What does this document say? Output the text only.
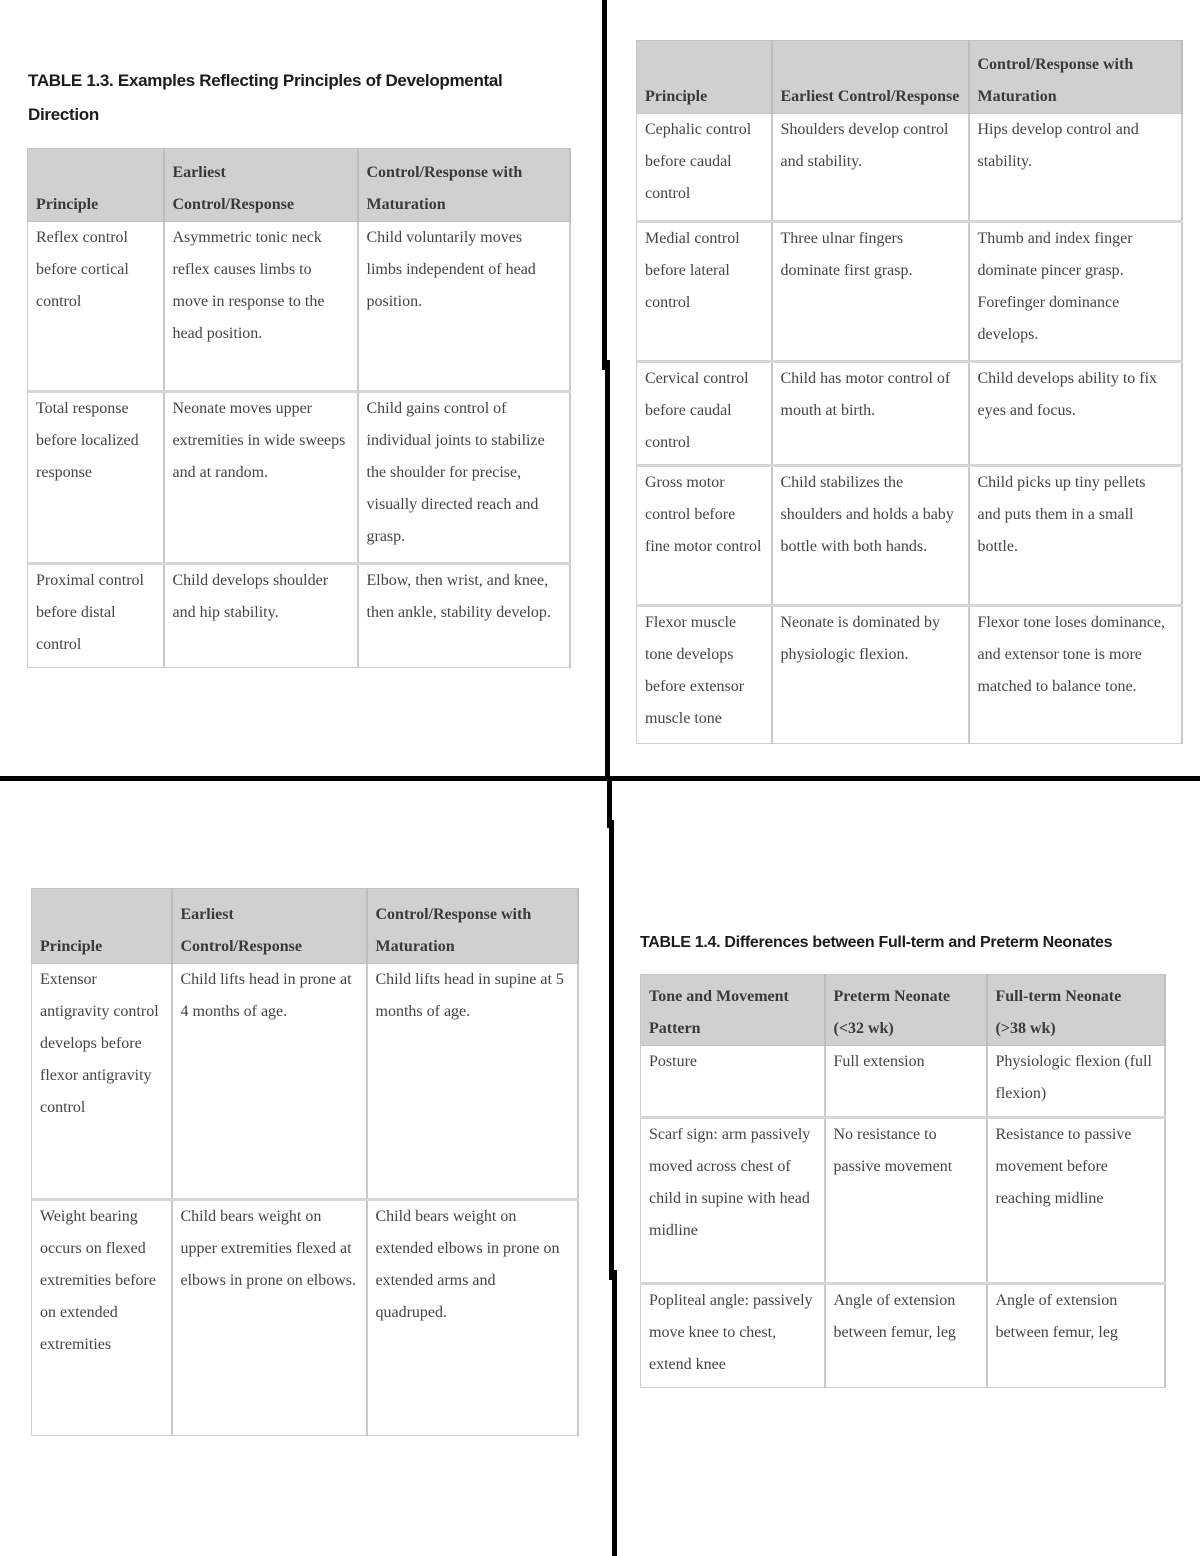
TABLE 1.3. Examples Reflecting Principles of Developmental Direction
Principle	Earliest Control/Response	Control/Response with Maturation
Reflex control before cortical control	Asymmetric tonic neck reflex causes limbs to move in response to the head position.	Child voluntarily moves limbs independent of head position.
Total response before localized response	Neonate moves upper extremities in wide sweeps and at random.	Child gains control of individual joints to stabilize the shoulder for precise, visually directed reach and grasp.
Proximal control before distal control	Child develops shoulder and hip stability.	Elbow, then wrist, and knee, then ankle, stability develop.
Principle	Earliest Control/Response	Control/Response with Maturation
Cephalic control before caudal control	Shoulders develop control and stability.	Hips develop control and stability.
Medial control before lateral control	Three ulnar fingers dominate first grasp.	Thumb and index finger dominate pincer grasp. Forefinger dominance develops.
Cervical control before caudal control	Child has motor control of mouth at birth.	Child develops ability to fix eyes and focus.
Gross motor control before fine motor control	Child stabilizes the shoulders and holds a baby bottle with both hands.	Child picks up tiny pellets and puts them in a small bottle.
Flexor muscle tone develops before extensor muscle tone	Neonate is dominated by physiologic flexion.	Flexor tone loses dominance, and extensor tone is more matched to balance tone.
Principle	Earliest Control/Response	Control/Response with Maturation
Extensor antigravity control develops before flexor antigravity control	Child lifts head in prone at 4 months of age.	Child lifts head in supine at 5 months of age.
Weight bearing occurs on flexed extremities before on extended extremities	Child bears weight on upper extremities flexed at elbows in prone on elbows.	Child bears weight on extended elbows in prone on extended arms and quadruped.
TABLE 1.4. Differences between Full-term and Preterm Neonates
Tone and Movement Pattern	Preterm Neonate (<32 wk)	Full-term Neonate (>38 wk)
Posture	Full extension	Physiologic flexion (full flexion)
Scarf sign: arm passively moved across chest of child in supine with head midline	No resistance to passive movement	Resistance to passive movement before reaching midline
Popliteal angle: passively move knee to chest, extend knee	Angle of extension between femur, leg	Angle of extension between femur, leg
